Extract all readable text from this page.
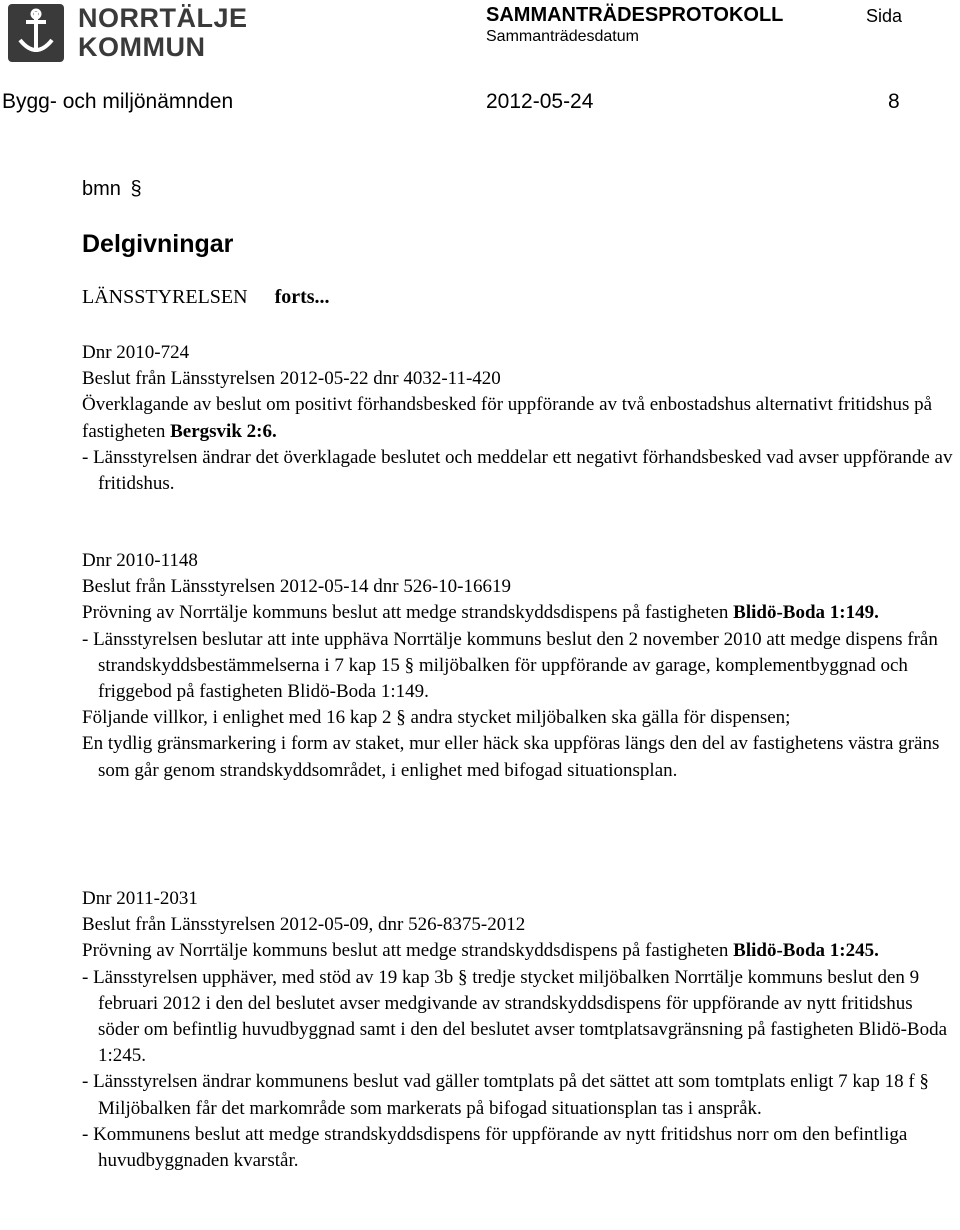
NORRTÄLJE
KOMMUN
SAMMANTRÄDESPROTOKOLL	Sida
Sammanträdesdatum
Bygg- och miljönämnden	2012-05-24	8
bmn §
Delgivningar
LÄNSSTYRELSEN forts...

Dnr 2010-724

Beslut från Länsstyrelsen 2012-05-22 dnr 4032-11-420

Överklagande av beslut om positivt förhandsbesked för uppförande av två enbostadshus alternativt fritidshus på fastigheten Bergsvik 2:6.

- Länsstyrelsen ändrar det överklagade beslutet och meddelar ett negativt förhandsbesked vad avser uppförande av fritidshus.

Dnr 2010-1148

Beslut från Länsstyrelsen 2012-05-14 dnr 526-10-16619

Prövning av Norrtälje kommuns beslut att medge strandskyddsdispens på fastigheten Blidö-Boda 1:149.

- Länsstyrelsen beslutar att inte upphäva Norrtälje kommuns beslut den 2 november 2010 att medge dispens från strandskyddsbestämmelserna i 7 kap 15 § miljöbalken för uppförande av garage, komplementbyggnad och friggebod på fastigheten Blidö-Boda 1:149.

Följande villkor, i enlighet med 16 kap 2 § andra stycket miljöbalken ska gälla för dispensen;

En tydlig gränsmarkering i form av staket, mur eller häck ska uppföras längs den del av fastighetens västra gräns som går genom strandskyddsområdet, i enlighet med bifogad situationsplan.

Dnr 2011-2031

Beslut från Länsstyrelsen 2012-05-09, dnr 526-8375-2012

Prövning av Norrtälje kommuns beslut att medge strandskyddsdispens på fastigheten Blidö-Boda 1:245.

- Länsstyrelsen upphäver, med stöd av 19 kap 3b § tredje stycket miljöbalken Norrtälje kommuns beslut den 9 februari 2012 i den del beslutet avser medgivande av strandskyddsdispens för uppförande av nytt fritidshus söder om befintlig huvudbyggnad samt i den del beslutet avser tomtplatsavgränsning på fastigheten Blidö-Boda 1:245.

- Länsstyrelsen ändrar kommunens beslut vad gäller tomtplats på det sättet att som tomtplats enligt 7 kap 18 f § Miljöbalken får det markområde som markerats på bifogad situationsplan tas i anspråk.

- Kommunens beslut att medge strandskyddsdispens för uppförande av nytt fritidshus norr om den befintliga huvudbyggnaden kvarstår.
